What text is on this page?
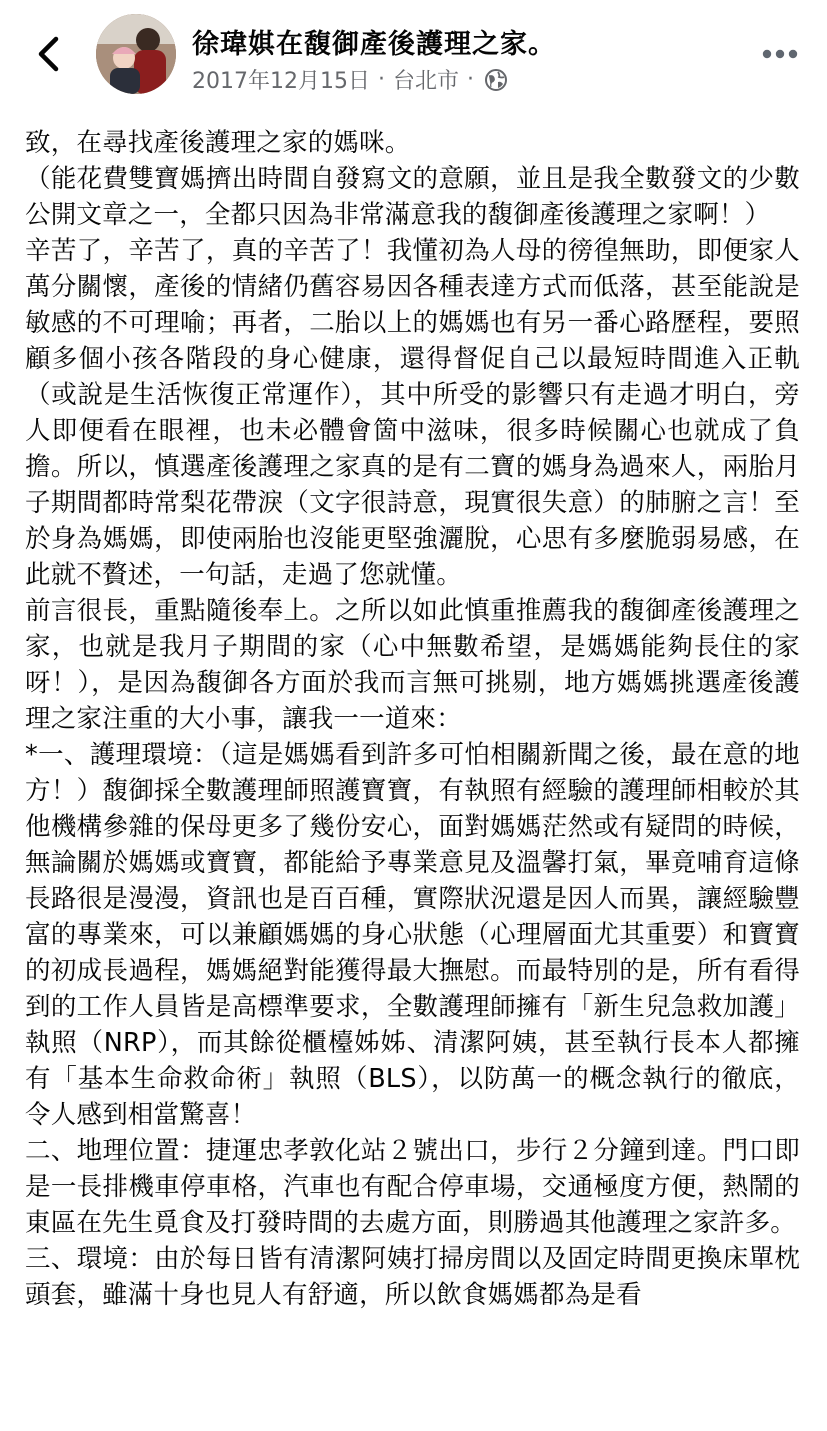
徐瑋娸在馥御產後護理之家。
2017年12月15日 · 台北市 ·

致，在尋找產後護理之家的媽咪。

（能花費雙寶媽擠出時間自發寫文的意願，並且是我全數發文的少數公開文章之一，全都只因為非常滿意我的馥御產後護理之家啊！）

辛苦了，辛苦了，真的辛苦了！我懂初為人母的徬徨無助，即便家人萬分關懷，產後的情緒仍舊容易因各種表達方式而低落，甚至能說是敏感的不可理喻；再者，二胎以上的媽媽也有另一番心路歷程，要照顧多個小孩各階段的身心健康，還得督促自己以最短時間進入正軌（或說是生活恢復正常運作），其中所受的影響只有走過才明白，旁人即便看在眼裡，也未必體會箇中滋味，很多時候關心也就成了負擔。所以，慎選產後護理之家真的是有二寶的媽身為過來人，兩胎月子期間都時常梨花帶淚（文字很詩意，現實很失意）的肺腑之言！至於身為媽媽，即使兩胎也沒能更堅強灑脫，心思有多麼脆弱易感，在此就不贅述，一句話，走過了您就懂。

前言很長，重點隨後奉上。之所以如此慎重推薦我的馥御產後護理之家，也就是我月子期間的家（心中無數希望，是媽媽能夠長住的家呀！），是因為馥御各方面於我而言無可挑剔，地方媽媽挑選產後護理之家注重的大小事，讓我一一道來：

*一、護理環境：（這是媽媽看到許多可怕相關新聞之後，最在意的地方！）馥御採全數護理師照護寶寶，有執照有經驗的護理師相較於其他機構參雜的保母更多了幾份安心，面對媽媽茫然或有疑問的時候，無論關於媽媽或寶寶，都能給予專業意見及溫馨打氣，畢竟哺育這條長路很是漫漫，資訊也是百百種，實際狀況還是因人而異，讓經驗豐富的專業來，可以兼顧媽媽的身心狀態（心理層面尤其重要）和寶寶的初成長過程，媽媽絕對能獲得最大撫慰。而最特別的是，所有看得到的工作人員皆是高標準要求，全數護理師擁有「新生兒急救加護」執照（NRP），而其餘從櫃檯姊姊、清潔阿姨，甚至執行長本人都擁有「基本生命救命術」執照（BLS），以防萬一的概念執行的徹底，令人感到相當驚喜！

二、地理位置：捷運忠孝敦化站２號出口，步行２分鐘到達。門口即是一長排機車停車格，汽車也有配合停車場，交通極度方便，熱鬧的東區在先生覓食及打發時間的去處方面，則勝過其他護理之家許多。

三、環境：由於每日皆有清潔阿姨打掃房間以及固定時間更換床單枕頭套，雖滿十身也見人有舒適，所以飲食媽媽都為是看
